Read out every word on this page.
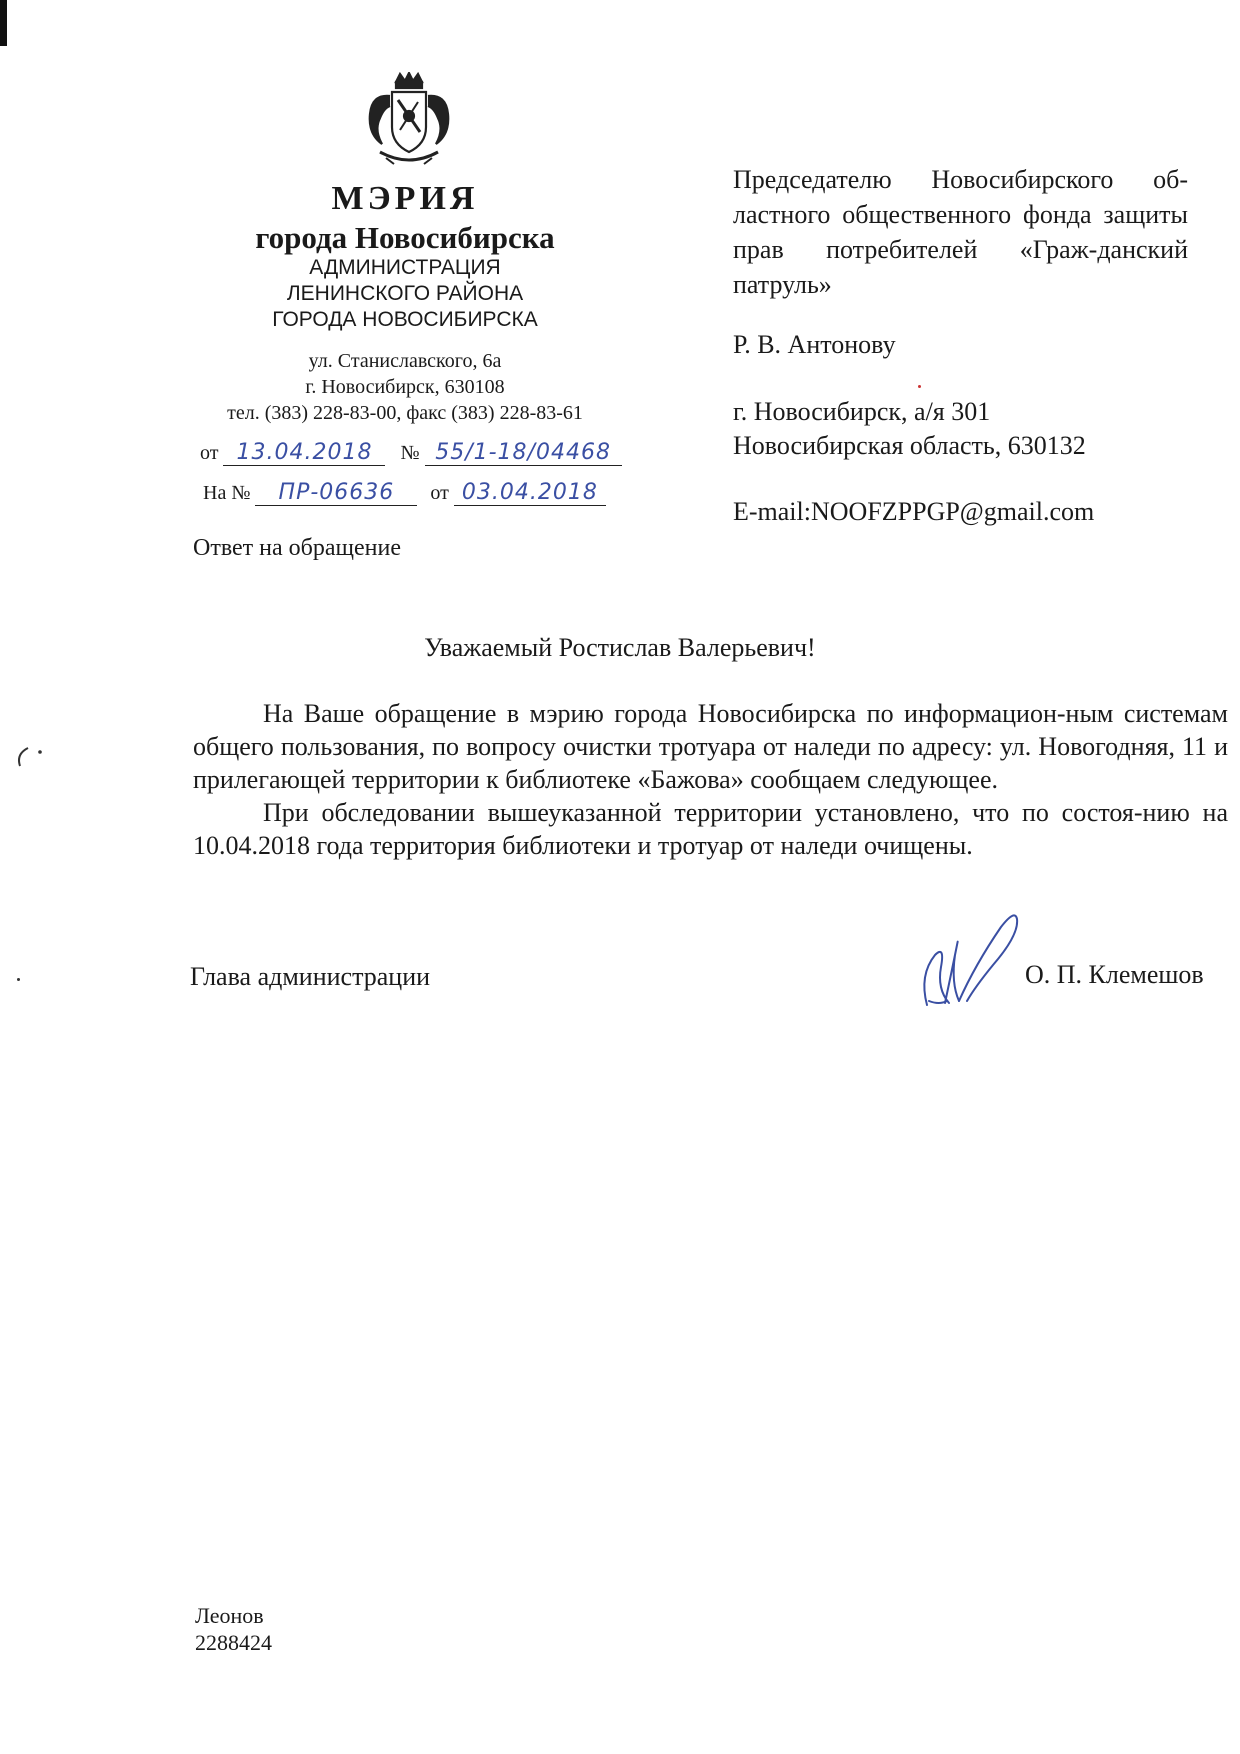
МЭРИЯ
города Новосибирска
АДМИНИСТРАЦИЯ
ЛЕНИНСКОГО РАЙОНА
ГОРОДА НОВОСИБИРСКА
ул. Станиславского, 6а
г. Новосибирск, 630108
тел. (383) 228-83-00, факс (383) 228-83-61
от 13.04.2018 № 55/1-18/04468
На № ПР-06636 от 03.04.2018
Ответ на обращение
Председателю Новосибирского об-ластного общественного фонда защиты прав потребителей «Граж-данский патруль»
Р. В. Антонову
г. Новосибирск, а/я 301
Новосибирская область, 630132
E-mail:NOOFZPPGP@gmail.com
Уважаемый Ростислав Валерьевич!

На Ваше обращение в мэрию города Новосибирска по информацион-ным системам общего пользования, по вопросу очистки тротуара от наледи по адресу: ул. Новогодняя, 11 и прилегающей территории к библиотеке «Бажова» сообщаем следующее.

При обследовании вышеуказанной территории установлено, что по состоя-нию на 10.04.2018 года территория библиотеки и тротуар от наледи очищены.

Глава администрации	О. П. Клемешов
Леонов
2288424
